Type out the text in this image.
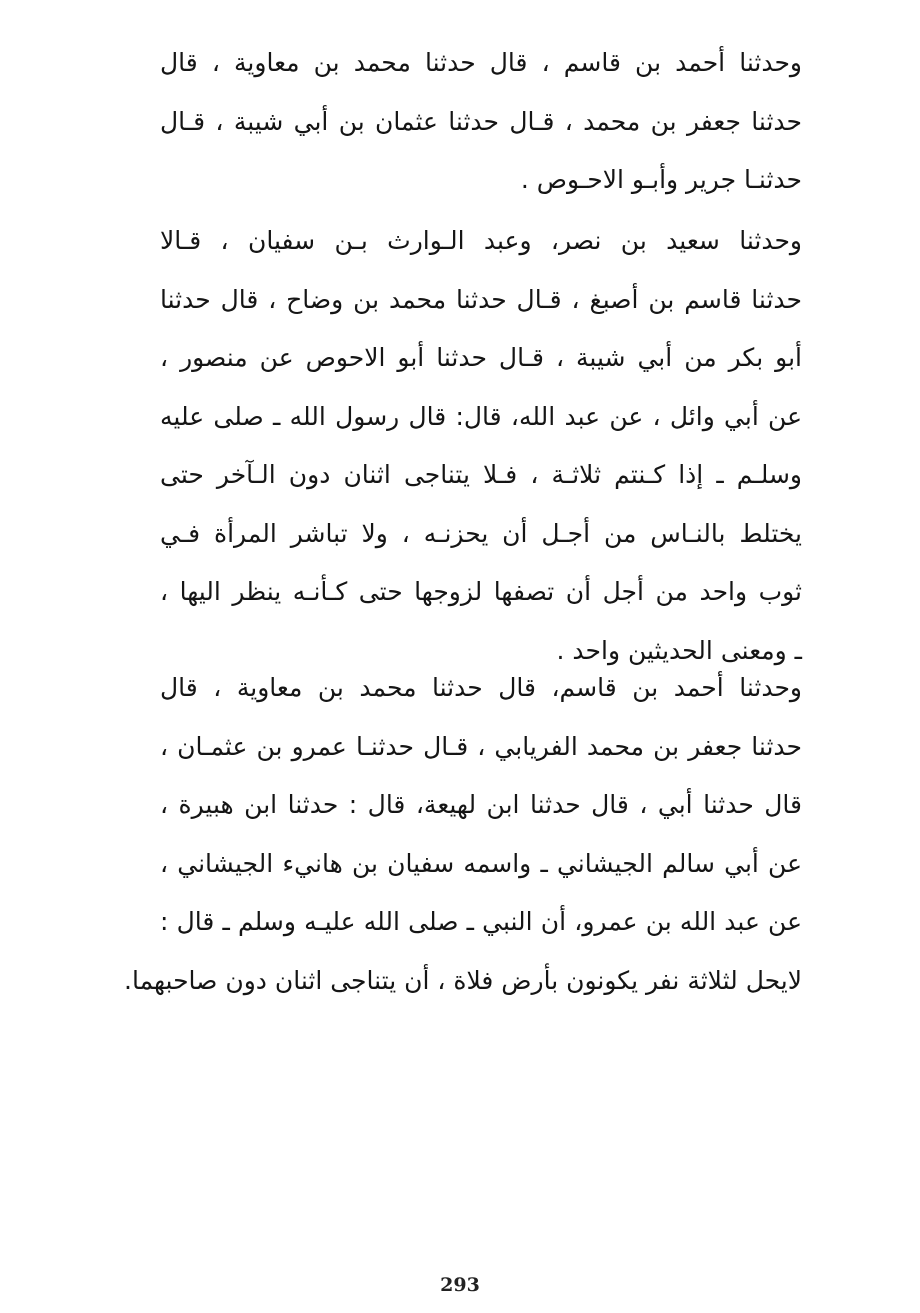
وحدثنا أحمد بن قاسم ، قال حدثنا محمد بن معاوية ، قال
حدثنا جعفر بن محمد ، قـال حدثنا عثمان بن أبي شيبة ، قـال
حدثنـا جرير وأبـو الاحـوص .
وحدثنا سعيد بن نصر، وعبد الـوارث بـن سفيان ، قـالا
حدثنا قاسم بن أصبغ ، قـال حدثنا محمد بن وضاح ، قال حدثنا
أبو بكر من أبي شيبة ، قـال حدثنا أبو الاحوص عن منصور ،
عن أبي وائل ، عن عبد الله، قال: قال رسول الله ـ صلى عليه
وسلـم ـ إذا كـنتم ثلاثـة ، فـلا يتناجى اثنان دون الـآخر حتى
يختلط بالنـاس من أجـل أن يحزنـه ، ولا تباشر المرأة فـي
ثوب واحد من أجل أن تصفها لزوجها حتى كـأنـه ينظر اليها ،
ـ ومعنى الحديثين واحد .
وحدثنا أحمد بن قاسم، قال حدثنا محمد بن معاوية ، قال
حدثنا جعفر بن محمد الفريابي ، قـال حدثنـا عمرو بن عثمـان ،
قال حدثنا أبي ، قال حدثنا ابن لهيعة، قال : حدثنا ابن هبيرة ،
عن أبي سالم الجيشاني ـ واسمه سفيان بن هانيء الجيشاني ،
عن عبد الله بن عمرو، أن النبي ـ صلى الله عليـه وسلم ـ قال :
لايحل لثلاثة نفر يكونون بأرض فلاة ، أن يتناجى اثنان دون صاحبهما.
293
